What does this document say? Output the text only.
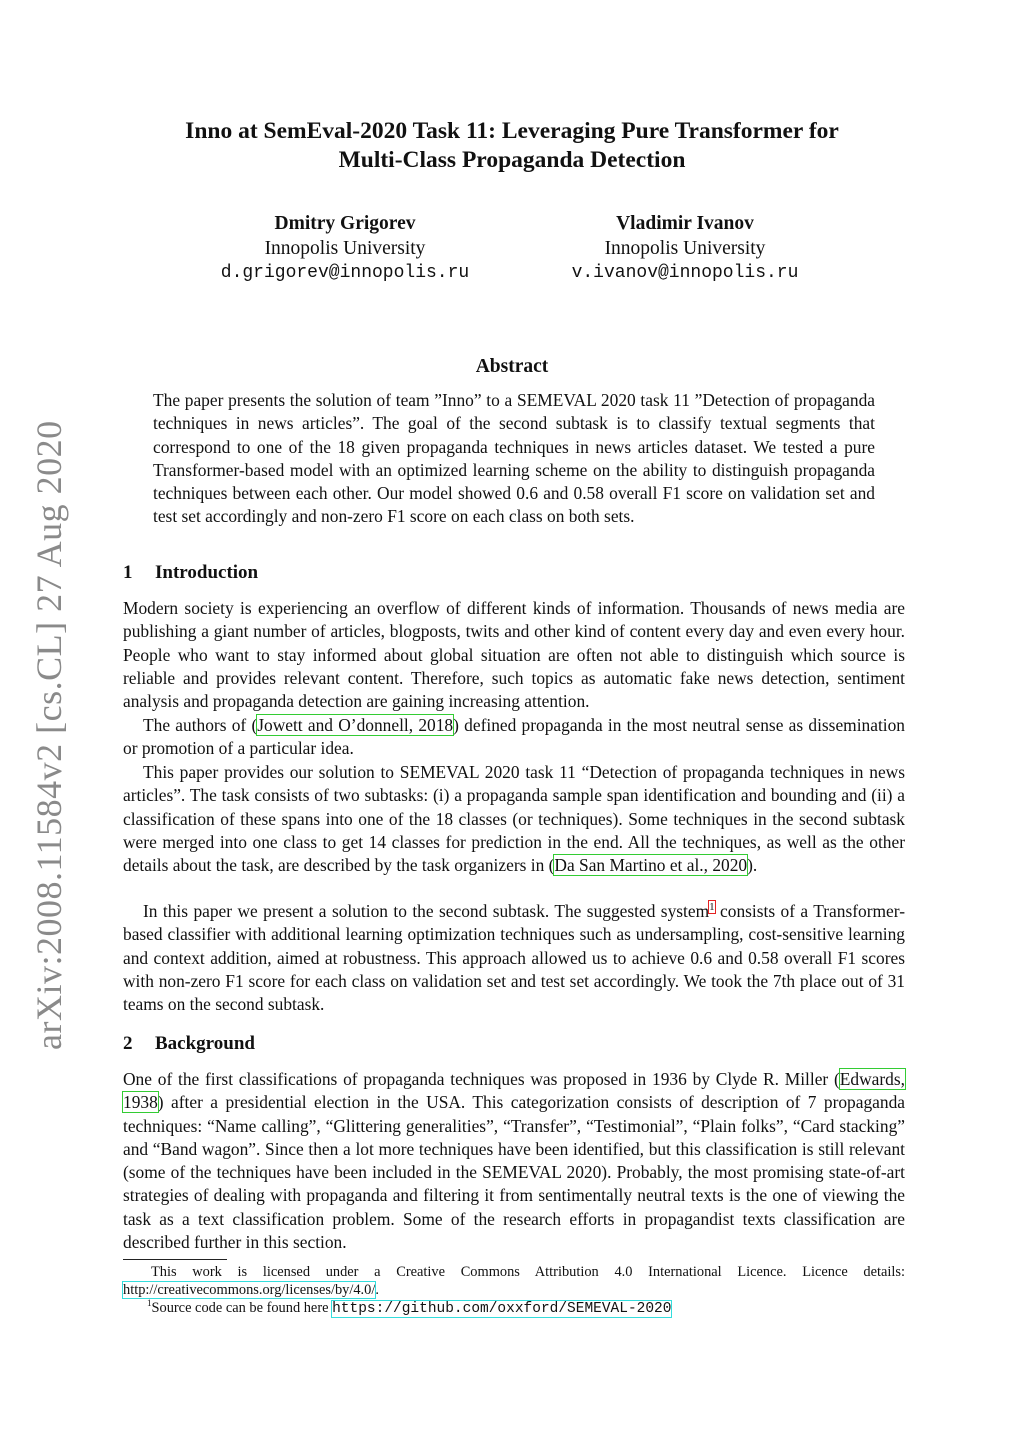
arXiv:2008.11584v2 [cs.CL] 27 Aug 2020
Inno at SemEval-2020 Task 11: Leveraging Pure Transformer for
Multi-Class Propaganda Detection
Dmitry Grigorev
Innopolis University
d.grigorev@innopolis.ru
Vladimir Ivanov
Innopolis University
v.ivanov@innopolis.ru
Abstract

The paper presents the solution of team ”Inno” to a SEMEVAL 2020 task 11 ”Detection of propaganda techniques in news articles”. The goal of the second subtask is to classify textual segments that correspond to one of the 18 given propaganda techniques in news articles dataset. We tested a pure Transformer-based model with an optimized learning scheme on the ability to distinguish propaganda techniques between each other. Our model showed 0.6 and 0.58 overall F1 score on validation set and test set accordingly and non-zero F1 score on each class on both sets.

1 Introduction

Modern society is experiencing an overflow of different kinds of information. Thousands of news media are publishing a giant number of articles, blogposts, twits and other kind of content every day and even every hour. People who want to stay informed about global situation are often not able to distinguish which source is reliable and provides relevant content. Therefore, such topics as automatic fake news detection, sentiment analysis and propaganda detection are gaining increasing attention.

The authors of (Jowett and O’donnell, 2018) defined propaganda in the most neutral sense as dissemination or promotion of a particular idea.

This paper provides our solution to SEMEVAL 2020 task 11 “Detection of propaganda techniques in news articles”. The task consists of two subtasks: (i) a propaganda sample span identification and bounding and (ii) a classification of these spans into one of the 18 classes (or techniques). Some techniques in the second subtask were merged into one class to get 14 classes for prediction in the end. All the techniques, as well as the other details about the task, are described by the task organizers in (Da San Martino et al., 2020).

In this paper we present a solution to the second subtask. The suggested system$^1$ consists of a Transformer-based classifier with additional learning optimization techniques such as undersampling, cost-sensitive learning and context addition, aimed at robustness. This approach allowed us to achieve 0.6 and 0.58 overall F1 scores with non-zero F1 score for each class on validation set and test set accordingly. We took the 7th place out of 31 teams on the second subtask.

2 Background

One of the first classifications of propaganda techniques was proposed in 1936 by Clyde R. Miller (Edwards, 1938) after a presidential election in the USA. This categorization consists of description of 7 propaganda techniques: “Name calling”, “Glittering generalities”, “Transfer”, “Testimonial”, “Plain folks”, “Card stacking” and “Band wagon”. Since then a lot more techniques have been identified, but this classification is still relevant (some of the techniques have been included in the SEMEVAL 2020). Probably, the most promising state-of-art strategies of dealing with propaganda and filtering it from sentimentally neutral texts is the one of viewing the task as a text classification problem. Some of the research efforts in propagandist texts classification are described further in this section.

This work is licensed under a Creative Commons Attribution 4.0 International Licence. Licence details: http://creativecommons.org/licenses/by/4.0/.

$^1$Source code can be found here https://github.com/oxxford/SEMEVAL-2020
